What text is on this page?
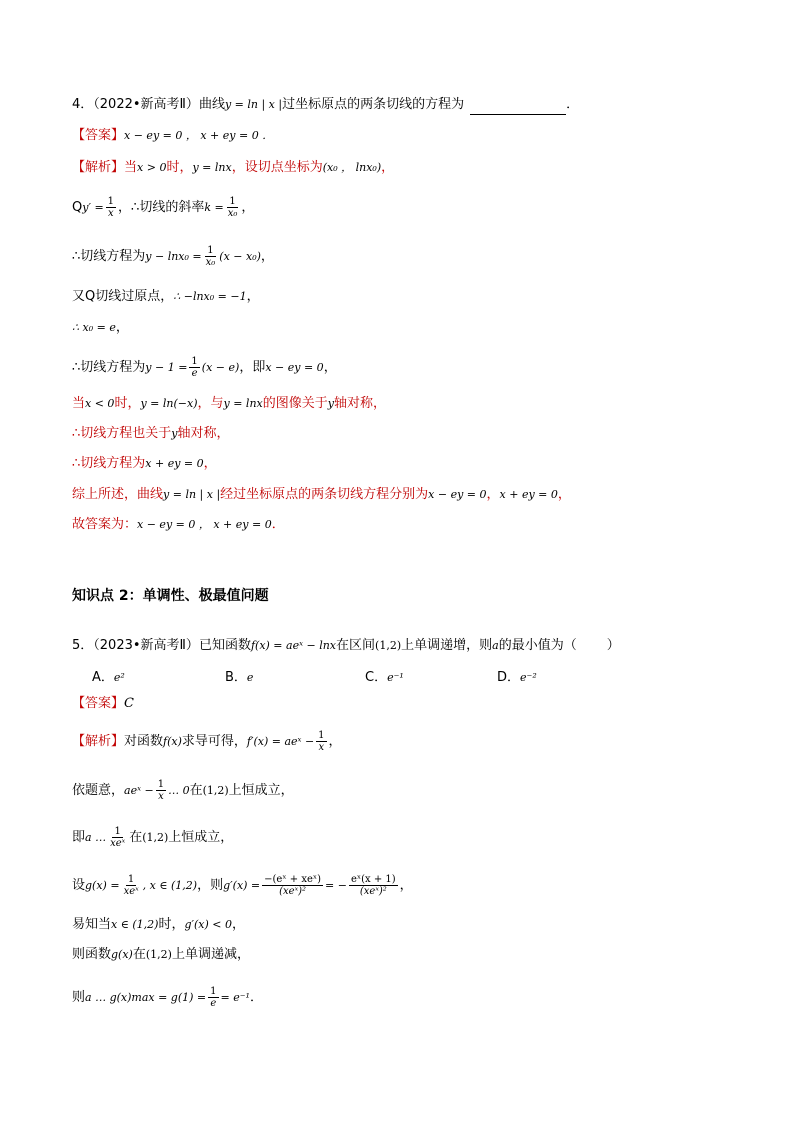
4．（2022•新高考Ⅱ）曲线y = ln | x |过坐标原点的两条切线的方程为	．
【答案】x − ey = 0 ， x + ey = 0 ．
【解析】当x > 0时，y = lnx，设切点坐标为(x₀ ， lnx₀)，
$Qy' = \frac{1}{x}$ ，∴切线的斜率$k = \frac{1}{\text{x₀}}$ ，
∴切线方程为$y - \ln x_0 = \frac{1}{\text{x₀}} (x - x_0)$，
又Q切线过原点，∴ −lnx₀ = −1，
∴ x₀ = e，
∴切线方程为$y - 1 = \frac{1}{e} (x - e)$，即x − ey = 0，
当x < 0时，y = ln(−x)，与y = lnx的图像关于y轴对称，
∴切线方程也关于y轴对称，
∴切线方程为x + ey = 0，
综上所述，曲线y = ln | x |经过坐标原点的两条切线方程分别为x − ey = 0，x + ey = 0，
故答案为：x − ey = 0 ， x + ey = 0．
知识点 2：单调性、极最值问题
5．（2023•新高考Ⅱ）已知函数f(x) = aeˣ − lnx在区间(1,2)上单调递增，则a的最小值为（ ）
A．e²	B．e	C．e⁻¹	D．e⁻²
【答案】C
【解析】对函数f(x)求导可得，f′(x) = aeˣ − $\frac{1}{x}$ ，
依题意，aeˣ − $\frac{1}{x}$ … 0在(1,2)上恒成立，
即a … $\frac{1}{\text{xeˣ}}$ 在(1,2)上恒成立，
设$g(x) = \frac{1}{\text{xeˣ}}$ , x ∈ (1,2)，则$g'(x) = \frac{\text{−(eˣ + xeˣ)}}{\text{(xeˣ)²}}$ = − $\frac{\text{eˣ(x + 1)}}{\text{(xeˣ)²}}$ ，
易知当x ∈ (1,2)时，g′(x) < 0，
则函数g(x)在(1,2)上单调递减，
则a … $g(x)\max = g(1) = \frac{1}{e} = e^{-1}$．
